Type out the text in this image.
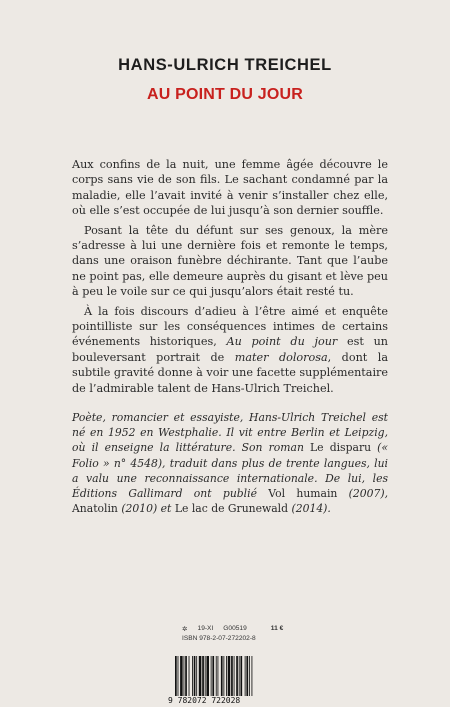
HANS-ULRICH TREICHEL
AU POINT DU JOUR

Aux confins de la nuit, une femme âgée découvre le corps sans vie de son fils. Le sachant condamné par la maladie, elle l’avait invité à venir s’installer chez elle, où elle s’est occupée de lui jusqu’à son dernier souffle.

Posant la tête du défunt sur ses genoux, la mère s’adresse à lui une dernière fois et remonte le temps, dans une oraison funèbre déchirante. Tant que l’aube ne point pas, elle demeure auprès du gisant et lève peu à peu le voile sur ce qui jusqu’alors était resté tu.

À la fois discours d’adieu à l’être aimé et enquête pointilliste sur les conséquences intimes de certains événements historiques, Au point du jour est un bouleversant portrait de mater dolorosa, dont la subtile gravité donne à voir une facette supplémentaire de l’admirable talent de Hans-Ulrich Treichel.

Poète, romancier et essayiste, Hans-Ulrich Treichel est né en 1952 en Westphalie. Il vit entre Berlin et Leipzig, où il enseigne la littérature. Son roman Le disparu (« Folio » n° 4548), traduit dans plus de trente langues, lui a valu une reconnaissance internationale. De lui, les Éditions Gallimard ont publié Vol humain (2007), Anatolin (2010) et Le lac de Grunewald (2014).
✲ 19-XI G00519	11 €
ISBN 978-2-07-272202-8
9 782072 722028
